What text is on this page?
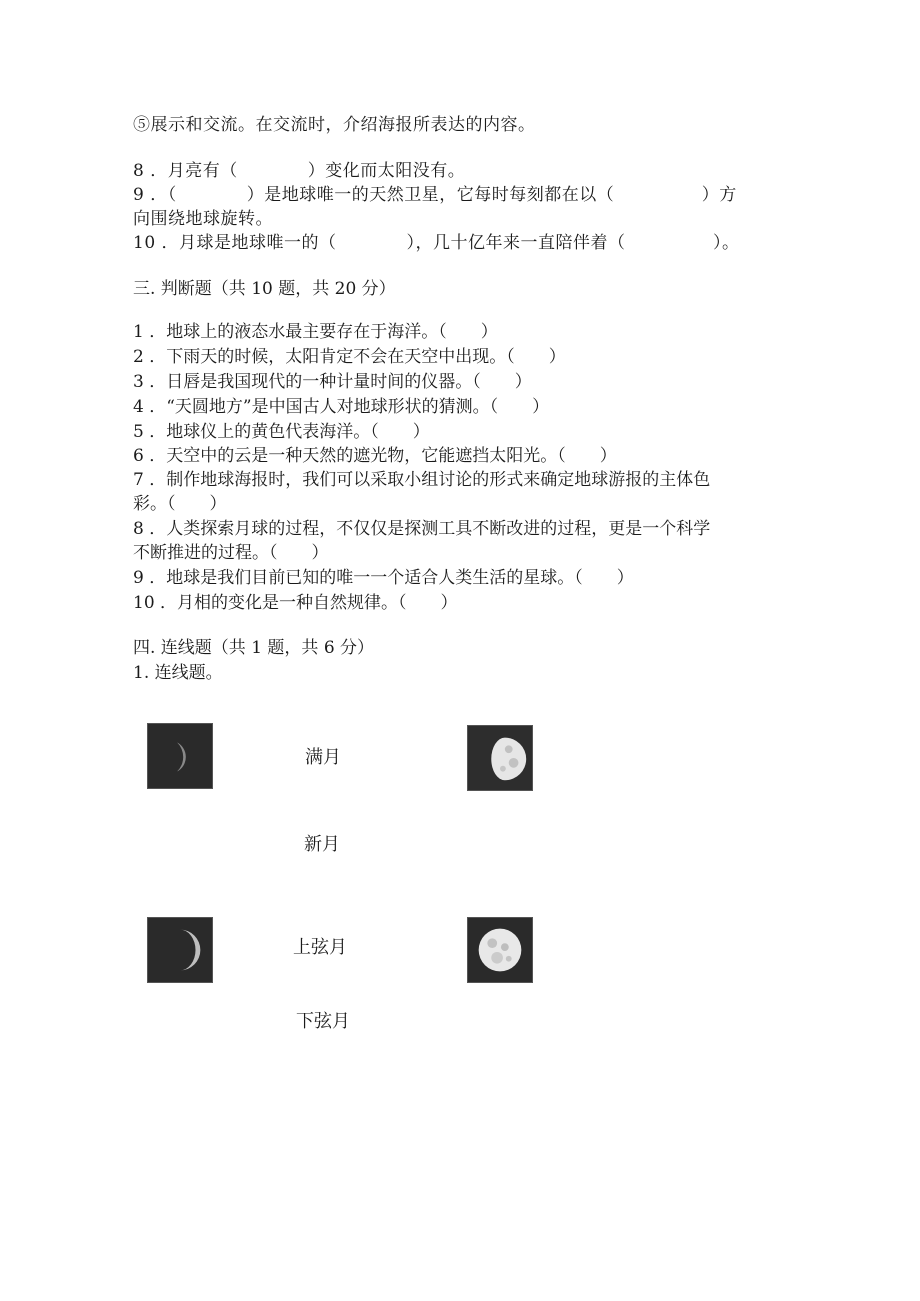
⑤展示和交流。在交流时，介绍海报所表达的内容。
8 ．月亮有（　　　　）变化而太阳没有。
9 ．（　　　　）是地球唯一的天然卫星，它每时每刻都在以（　　　　　）方
向围绕地球旋转。
10 ．月球是地球唯一的（　　　　），几十亿年来一直陪伴着（　　　　　）。
三. 判断题（共 10 题，共 20 分）
1 ．地球上的液态水最主要存在于海洋。（　　）
2 ．下雨天的时候，太阳肯定不会在天空中出现。（　　）
3 ．日唇是我国现代的一种计量时间的仪器。（　　）
4 ．“天圆地方”是中国古人对地球形状的猜测。（　　）
5 ．地球仪上的黄色代表海洋。（　　）
6 ．天空中的云是一种天然的遮光物，它能遮挡太阳光。（　　）
7 ．制作地球海报时，我们可以采取小组讨论的形式来确定地球游报的主体色
彩。（　　）
8 ．人类探索月球的过程，不仅仅是探测工具不断改进的过程，更是一个科学
不断推进的过程。（　　）
9 ．地球是我们目前已知的唯一一个适合人类生活的星球。（　　）
10 ．月相的变化是一种自然规律。（　　）
四. 连线题（共 1 题，共 6 分）
1. 连线题。
满月
新月
上弦月
下弦月
